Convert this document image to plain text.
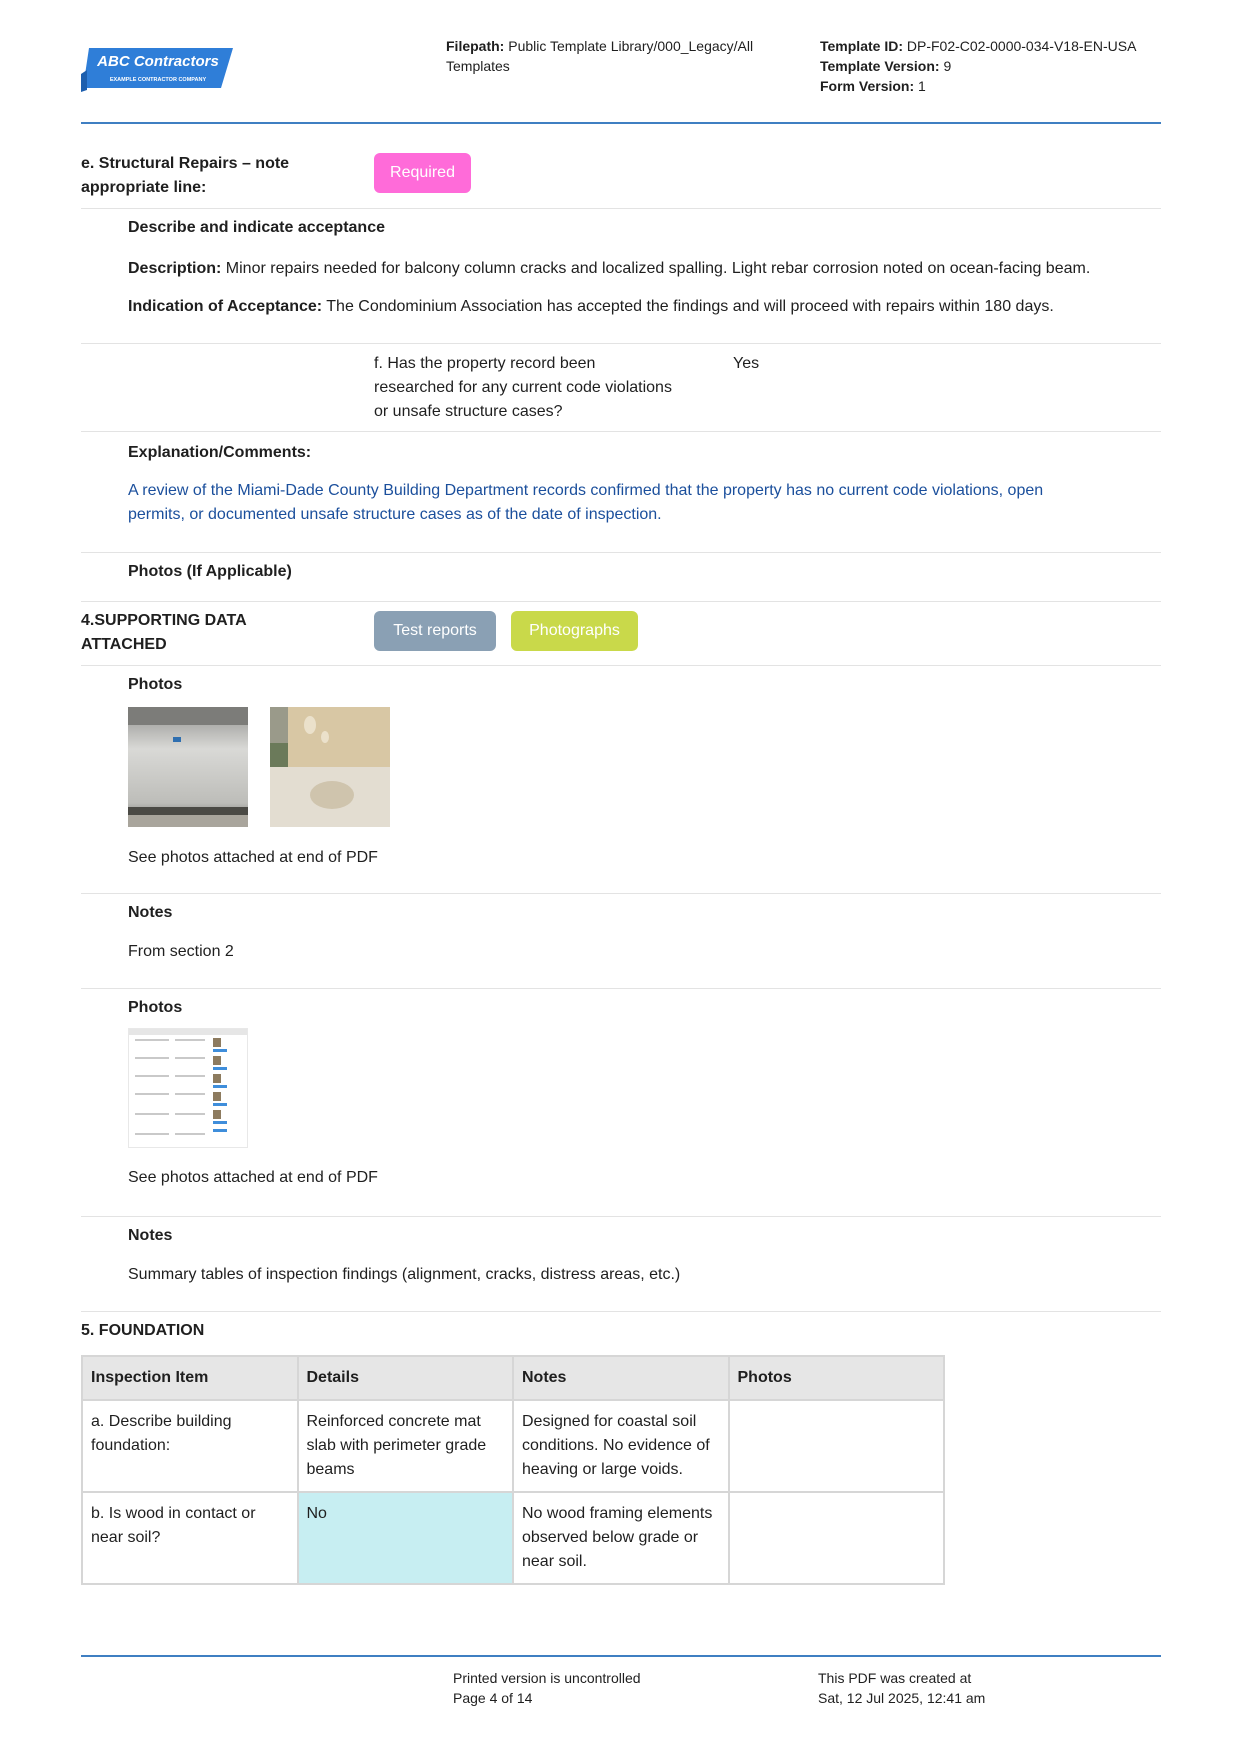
ABC Contractors
EXAMPLE CONTRACTOR COMPANY
Filepath: Public Template Library/000_Legacy/All
Templates
Template ID: DP-F02-C02-0000-034-V18-EN-USA
Template Version: 9
Form Version: 1
e. Structural Repairs – note
appropriate line:
Required
Describe and indicate acceptance
Description: Minor repairs needed for balcony column cracks and localized spalling. Light rebar corrosion noted on ocean-facing beam.
Indication of Acceptance: The Condominium Association has accepted the findings and will proceed with repairs within 180 days.
f. Has the property record been
researched for any current code violations
or unsafe structure cases?
Yes
Explanation/Comments:
A review of the Miami-Dade County Building Department records confirmed that the property has no current code violations, open
permits, or documented unsafe structure cases as of the date of inspection.
Photos (If Applicable)
4.SUPPORTING DATA
ATTACHED
Test reports	Photographs
Photos
See photos attached at end of PDF
Notes
From section 2
Photos
See photos attached at end of PDF
Notes
Summary tables of inspection findings (alignment, cracks, distress areas, etc.)
5. FOUNDATION
Inspection Item	Details	Notes	Photos
a. Describe building foundation:	Reinforced concrete mat slab with perimeter grade beams	Designed for coastal soil conditions. No evidence of heaving or large voids.	
b. Is wood in contact or near soil?	No	No wood framing elements observed below grade or near soil.	
Printed version is uncontrolled
Page 4 of 14
This PDF was created at
Sat, 12 Jul 2025, 12:41 am
